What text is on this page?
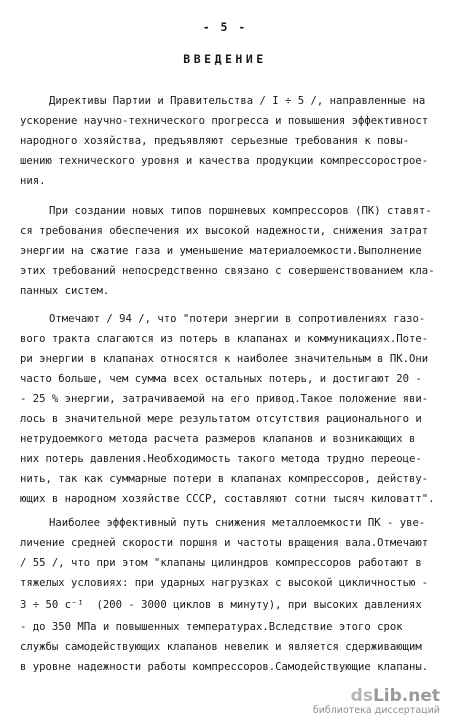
- 5 -
ВВЕДЕНИЕ
Директивы Партии и Правительства / I ÷ 5 /, направленные на
ускорение научно-технического прогресса и повышения эффективност
народного хозяйства, предъявляют серьезные требования к повы-
шению технического уровня и качества продукции компрессоростроe-
ния.
При создании новых типов поршневых компрессоров (ПК) ставят-
ся требования обеспечения их высокой надежности, снижения затрат
энергии на сжатие газа и уменьшение материалоемкости.Выполнение
этих требований непосредственно связано с совершенствованием кла-
панных систем.
Отмечают / 94 /, что "потери энергии в сопротивлениях газо-
вого тракта слагаются из потерь в клапанах и коммуникациях.Поте-
ри энергии в клапанах относятся к наиболее значительным в ПК.Они
часто больше, чем сумма всех остальных потерь, и достигают 20 -
- 25 % энергии, затрачиваемой на его привод.Такое положение яви-
лось в значительной мере результатом отсутствия рационального и
нетрудоемкого метода расчета размеров клапанов и возникающих в
них потерь давления.Необходимость такого метода трудно переоце-
нить, так как суммарные потери в клапанах компрессоров, действу-
ющих в народном хозяйстве СССР, составляют сотни тысяч киловатт".
Наиболее эффективный путь снижения металлоемкости ПК - уве-
личение средней скорости поршня и частоты вращения вала.Отмечают
/ 55 /, что при этом "клапаны цилиндров компрессоров работают в
тяжелых условиях: при ударных нагрузках с высокой цикличностью -
3 ÷ 50 с⁻ᴵ  (200 - 3000 циклов в минуту), при высоких давлениях
- до 350 МПа и повышенных температурах.Вследствие этого срок
службы самодействующих клапанов невелик и является сдерживающим
в уровне надежности работы компрессоров.Самодействующие клапаны.
dsLib.net
библиотека диссертаций
